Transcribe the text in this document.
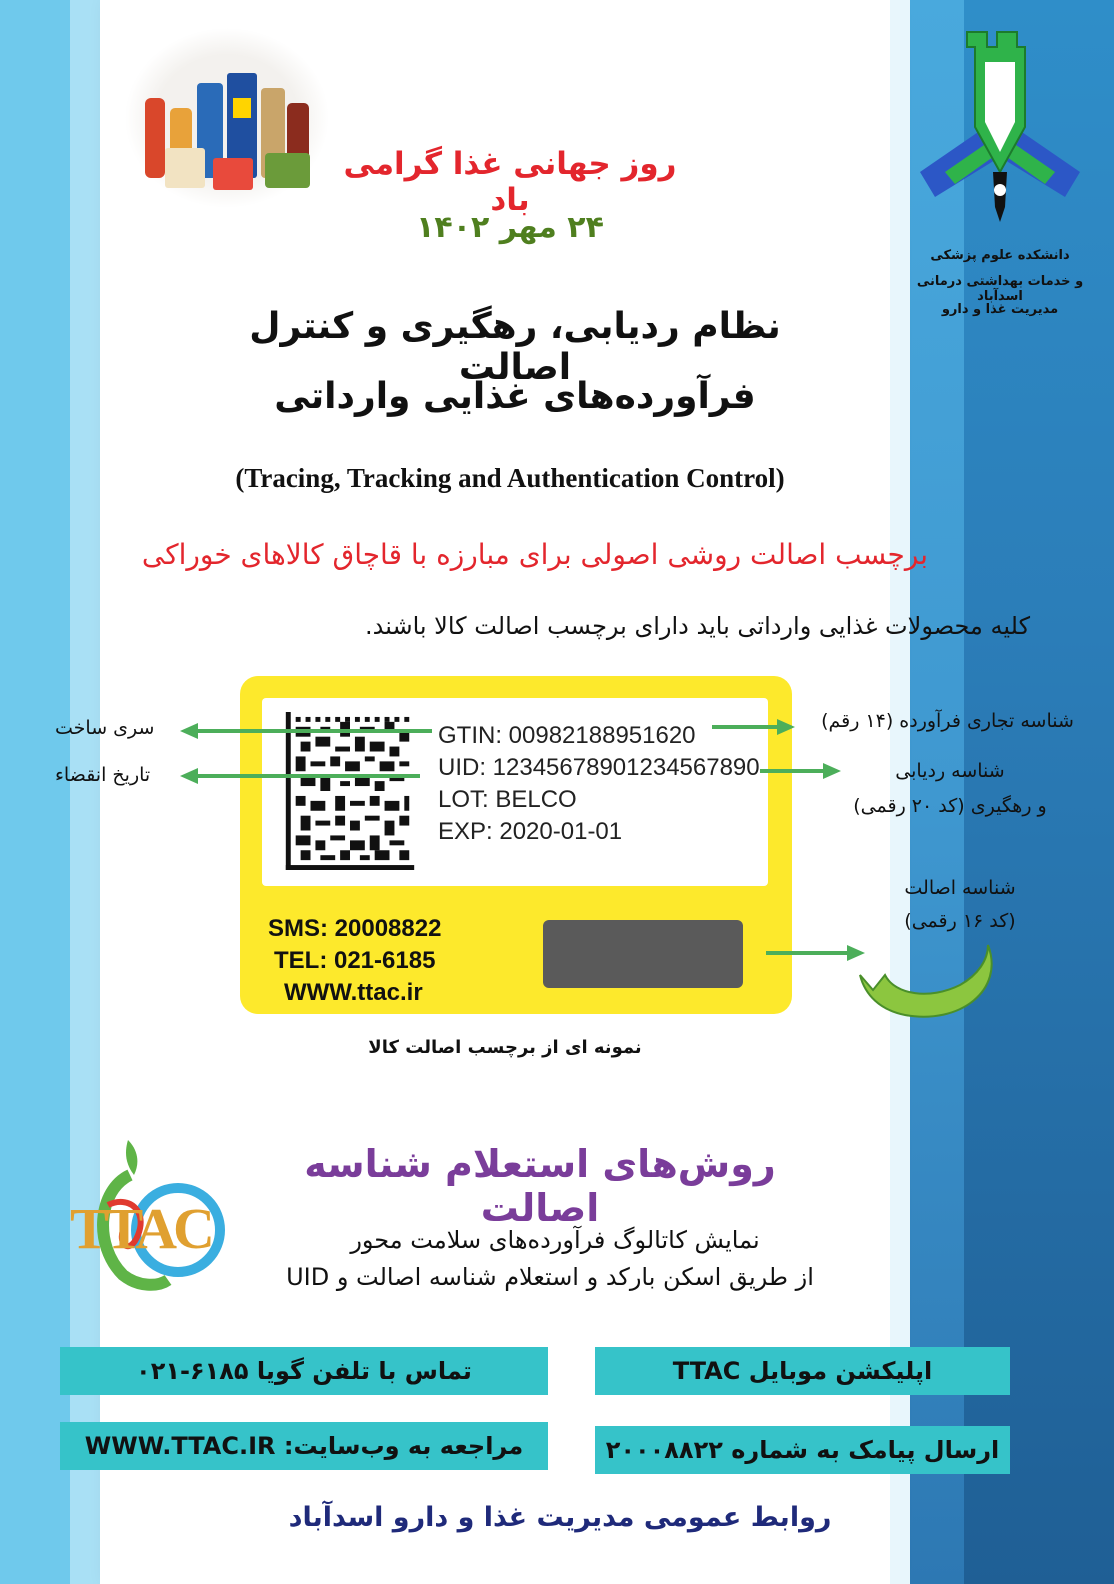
روز جهانی غذا گرامی باد
۲۴ مهر ۱۴۰۲
دانشکده علوم پزشکی
و خدمات بهداشتی درمانی اسدآباد
مدیریت غذا و دارو
نظام ردیابی، رهگیری و کنترل اصالت
فرآورده‌های غذایی وارداتی
(Tracing, Tracking and Authentication Control)
برچسب اصالت روشی اصولی برای مبارزه با قاچاق کالاهای خوراکی
کلیه محصولات غذایی وارداتی باید دارای برچسب اصالت کالا باشند.
GTIN: 00982188951620
UID: 12345678901234567890
LOT: BELCO
EXP: 2020-01-01
SMS: 20008822
TEL: 021-6185
WWW.ttac.ir
نمونه ای از برچسب اصالت کالا
سری ساخت
تاریخ انقضاء
شناسه تجاری فرآورده (۱۴ رقم)
شناسه ردیابی
و رهگیری (کد ۲۰ رقمی)
شناسه اصالت
(کد ۱۶ رقمی)
TTAC
روش‌های استعلام شناسه اصالت
نمایش کاتالوگ فرآورده‌های سلامت محور
از طریق اسکن بارکد و استعلام شناسه اصالت و UID
تماس با تلفن گویا ۶۱۸۵-۰۲۱	اپلیکشن موبایل TTAC
مراجعه به وب‌سایت: WWW.TTAC.IR	ارسال پیامک به شماره ۲۰۰۰۸۸۲۲
روابط عمومی مدیریت غذا و دارو اسدآباد
